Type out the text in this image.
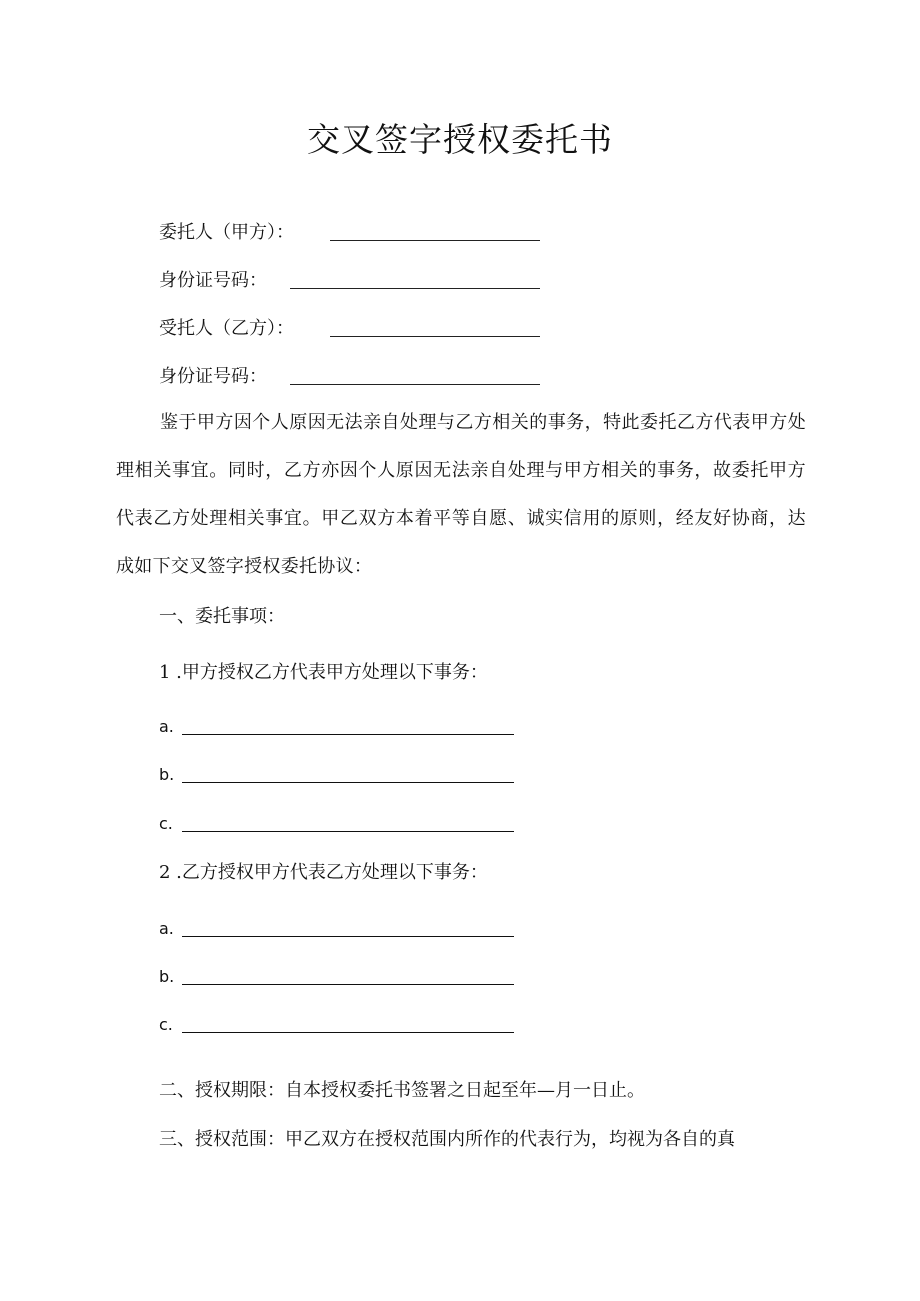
交叉签字授权委托书
委托人（甲方）：
身份证号码：
受托人（乙方）：
身份证号码：
鉴于甲方因个人原因无法亲自处理与乙方相关的事务，特此委托乙方代表甲方处理相关事宜。同时，乙方亦因个人原因无法亲自处理与甲方相关的事务，故委托甲方代表乙方处理相关事宜。甲乙双方本着平等自愿、诚实信用的原则，经友好协商，达成如下交叉签字授权委托协议：
一、委托事项：
1 .甲方授权乙方代表甲方处理以下事务：
a.
b.
c.
2 .乙方授权甲方代表乙方处理以下事务：
a.
b.
c.
二、授权期限：自本授权委托书签署之日起至年—月一日止。
三、授权范围：甲乙双方在授权范围内所作的代表行为，均视为各自的真
